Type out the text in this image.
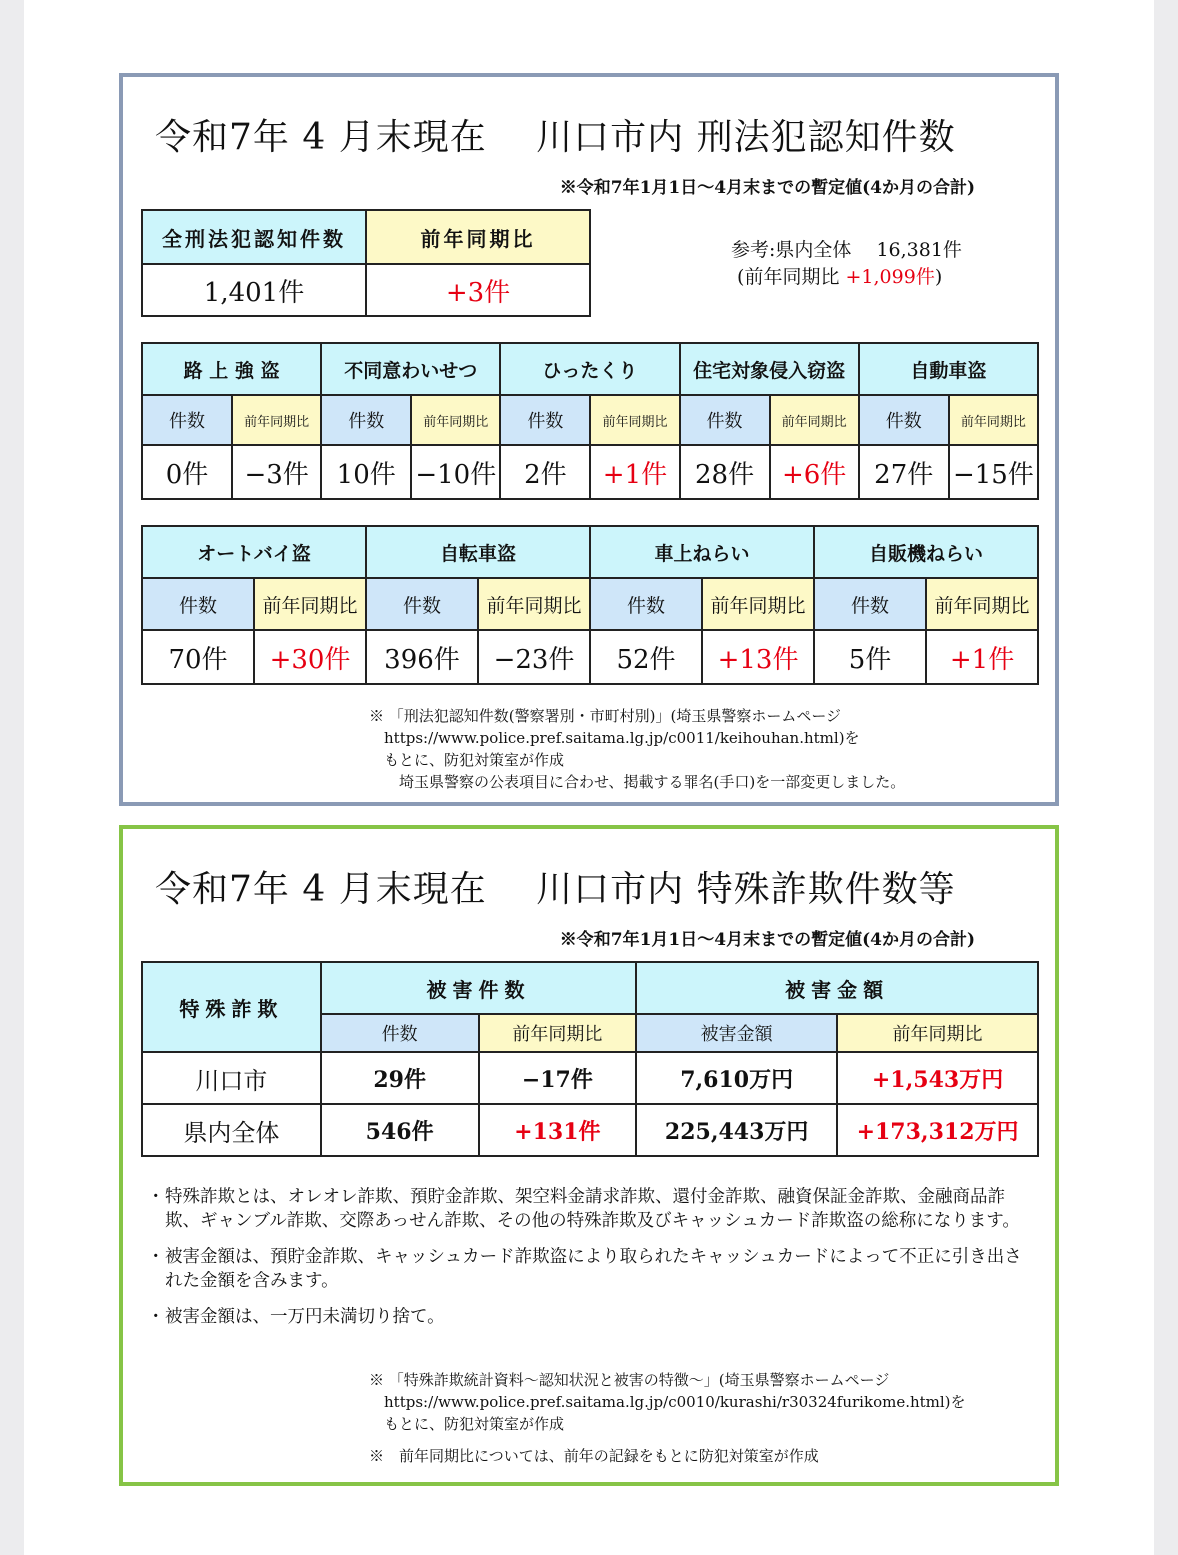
令和7年 4 月末現在　 川口市内 刑法犯認知件数
※令和7年1月1日～4月末までの暫定値(4か月の合計)
全刑法犯認知件数	前年同期比
1,401件	+3件
参考:県内全体　 16,381件
(前年同期比 +1,099件)
路 上 強 盗		不同意わいせつ		ひったくり		住宅対象侵入窃盗		自動車盗	
件数	前年同期比	件数	前年同期比	件数	前年同期比	件数	前年同期比	件数	前年同期比
0件	−3件	10件	−10件	2件	+1件	28件	+6件	27件	−15件
オートバイ盗		自転車盗		車上ねらい		自販機ねらい	
件数	前年同期比	件数	前年同期比	件数	前年同期比	件数	前年同期比
70件	+30件	396件	−23件	52件	+13件	5件	+1件
※ 「刑法犯認知件数(警察署別・市町村別)」(埼玉県警察ホームページ
　https://www.police.pref.saitama.lg.jp/c0011/keihouhan.html)を
　もとに、防犯対策室が作成
　　埼玉県警察の公表項目に合わせ、掲載する罪名(手口)を一部変更しました。
令和7年 4 月末現在　 川口市内 特殊詐欺件数等
※令和7年1月1日～4月末までの暫定値(4か月の合計)
特殊詐欺	被害件数		被害金額	
	件数	前年同期比	被害金額	前年同期比
川口市	29件	−17件	7,610万円	+1,543万円
県内全体	546件	+131件	225,443万円	+173,312万円
・ 特殊詐欺とは、オレオレ詐欺、預貯金詐欺、架空料金請求詐欺、還付金詐欺、融資保証金詐欺、金融商品詐欺、ギャンブル詐欺、交際あっせん詐欺、その他の特殊詐欺及びキャッシュカード詐欺盗の総称になります。
・ 被害金額は、預貯金詐欺、キャッシュカード詐欺盗により取られたキャッシュカードによって不正に引き出された金額を含みます。
・ 被害金額は、一万円未満切り捨て。
※ 「特殊詐欺統計資料～認知状況と被害の特徴～」(埼玉県警察ホームページ
　https://www.police.pref.saitama.lg.jp/c0010/kurashi/r30324furikome.html)を
　もとに、防犯対策室が作成
※　前年同期比については、前年の記録をもとに防犯対策室が作成
